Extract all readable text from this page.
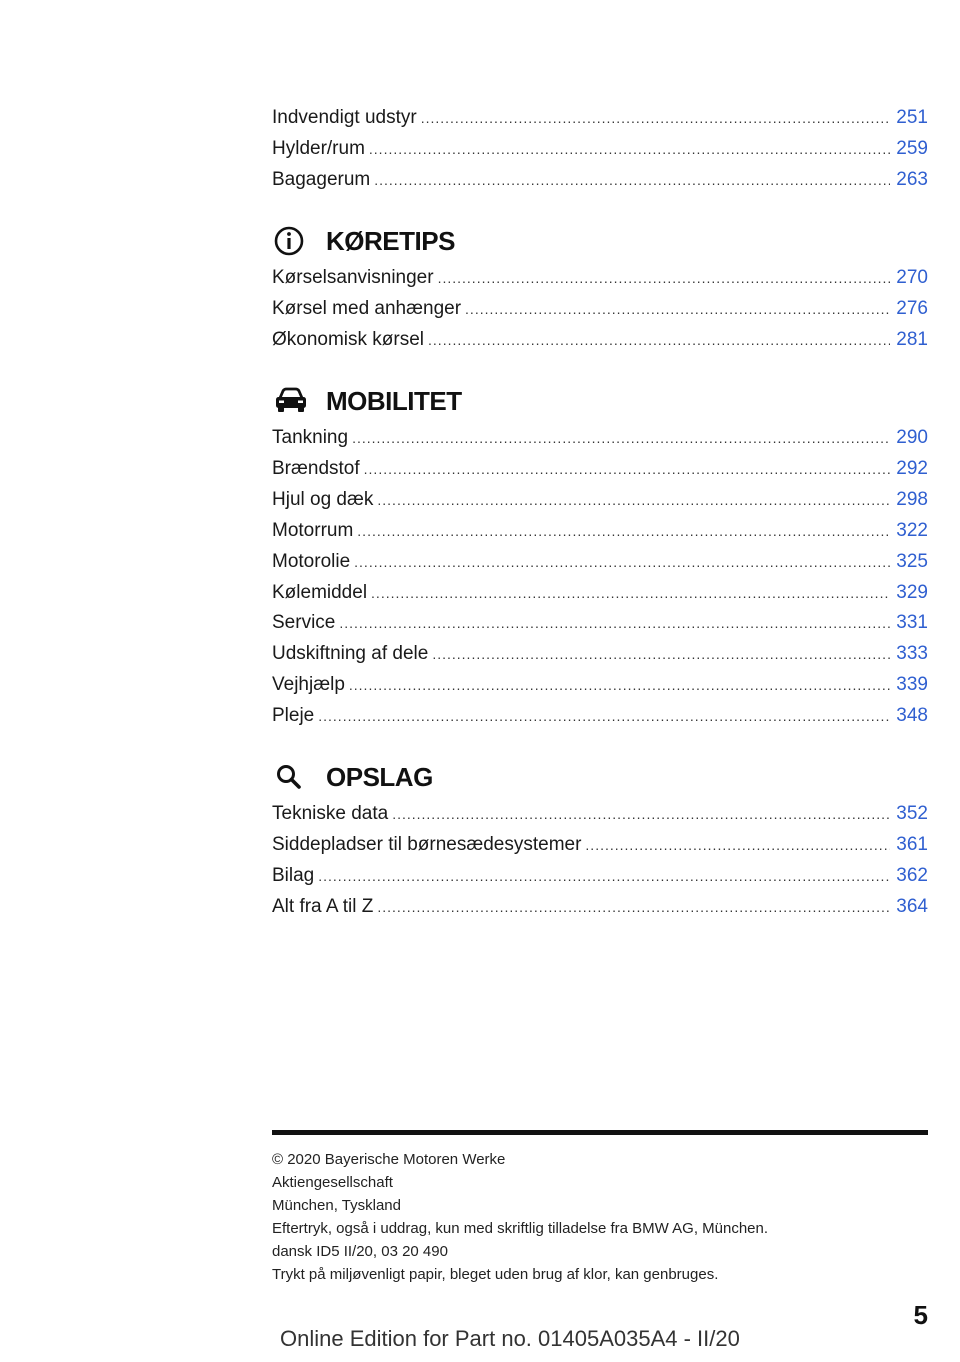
Indvendigt udstyr .....	251
Hylder/rum .....	259
Bagagerum .....	263
KØRETIPS
Kørselsanvisninger .....	270
Kørsel med anhænger .....	276
Økonomisk kørsel .....	281
MOBILITET
Tankning .....	290
Brændstof .....	292
Hjul og dæk .....	298
Motorrum .....	322
Motorolie .....	325
Kølemiddel .....	329
Service .....	331
Udskiftning af dele .....	333
Vejhjælp .....	339
Pleje .....	348
OPSLAG
Tekniske data .....	352
Siddepladser til børnesædesystemer .....	361
Bilag .....	362
Alt fra A til Z .....	364
© 2020 Bayerische Motoren Werke
Aktiengesellschaft
München, Tyskland
Eftertryk, også i uddrag, kun med skriftlig tilladelse fra BMW AG, München.
dansk ID5 II/20, 03 20 490
Trykt på miljøvenligt papir, bleget uden brug af klor, kan genbruges.
5
Online Edition for Part no. 01405A035A4 - II/20
